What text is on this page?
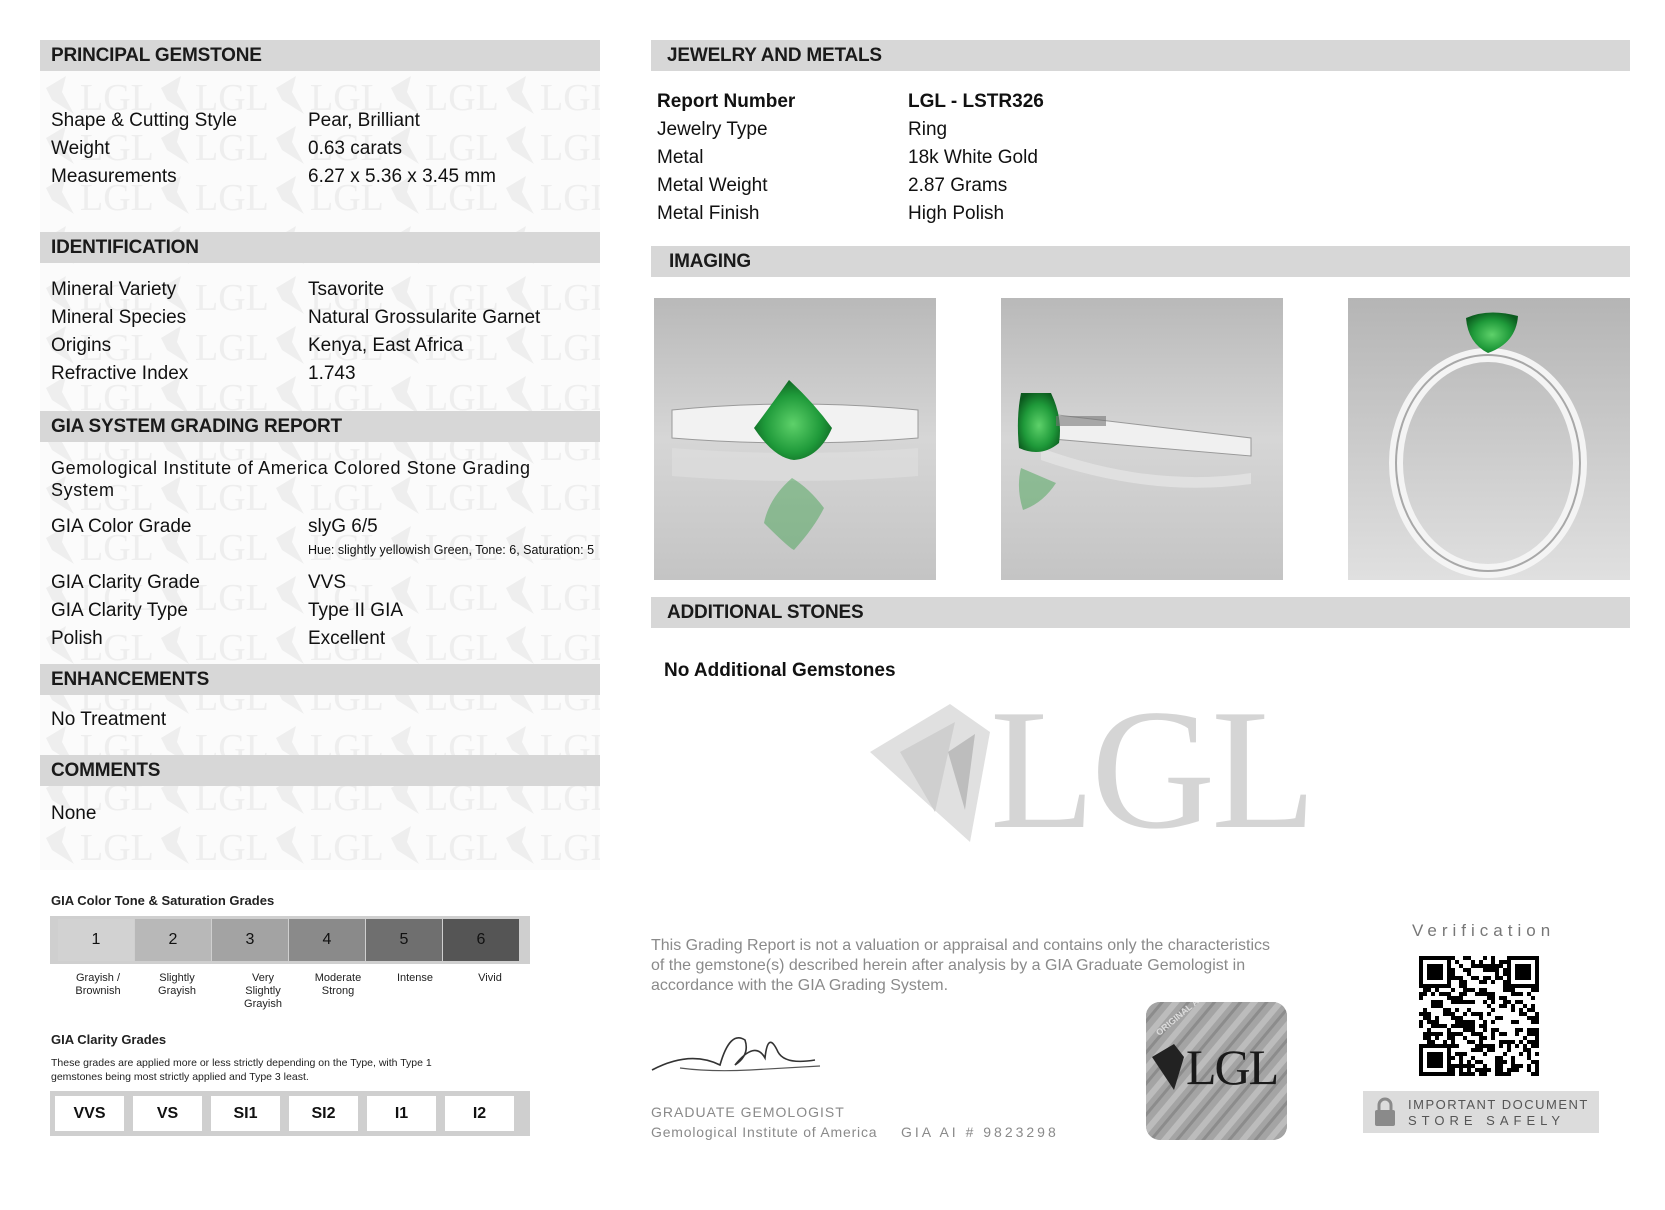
PRINCIPAL GEMSTONE
Shape & Cutting Style	Pear, Brilliant
Weight	0.63 carats
Measurements	6.27 x 5.36 x 3.45 mm
IDENTIFICATION
Mineral Variety	Tsavorite
Mineral Species	Natural Grossularite Garnet
Origins	Kenya, East Africa
Refractive Index	1.743
GIA SYSTEM GRADING REPORT
Gemological Institute of America Colored Stone Grading
System
GIA Color Grade	slyG 6/5
Hue: slightly yellowish Green, Tone: 6, Saturation: 5
GIA Clarity Grade	VVS
GIA Clarity Type	Type II GIA
Polish	Excellent
ENHANCEMENTS
No Treatment
COMMENTS
None
GIA Color Tone & Saturation Grades
1
Grayish /
Brownish
2
Slightly
Grayish
3
Very
Slightly
Grayish
4
Moderate
Strong
5
Intense
6
Vivid
GIA Clarity Grades
These grades are applied more or less strictly depending on the Type, with Type 1
gemstones being most strictly applied and Type 3 least.
VVS	VS	SI1	SI2	I1	I2
JEWELRY AND METALS
Report Number	LGL - LSTR326
Jewelry Type	Ring
Metal	18k White Gold
Metal Weight	2.87 Grams
Metal Finish	High Polish
IMAGING
ADDITIONAL STONES
No Additional Gemstones
LGL
This Grading Report is not a valuation or appraisal and contains only the characteristics
of the gemstone(s) described herein after analysis by a GIA Graduate Gemologist in
accordance with the GIA Grading System.
GRADUATE GEMOLOGIST
Gemological Institute of America GIA AI # 9823298
LGL
Verification
IMPORTANT DOCUMENT
STORE SAFELY
